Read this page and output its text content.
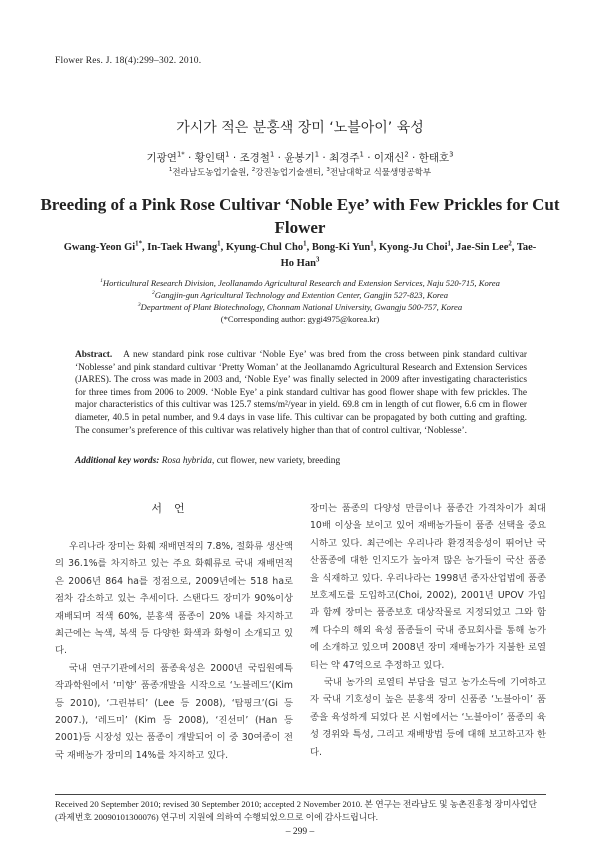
Flower Res. J. 18(4):299–302. 2010.
가시가 적은 분홍색 장미 ‘노블아이’ 육성
기광연$^{1*}$ · 황인택$^1$ · 조경철$^1$ · 윤봉기$^1$ · 최경주$^1$ · 이재신$^2$ · 한태호$^3$
$^1$전라남도농업기술원, $^2$강진농업기술센터, $^3$전남대학교 식물생명공학부
Breeding of a Pink Rose Cultivar ‘Noble Eye’ with Few Prickles for Cut Flower
Gwang-Yeon $Gi^{1*}$, In-Taek Hwang$^1$, Kyung-Chul Cho$^1$, Bong-Ki Yun$^1$, Kyong-Ju Choi$^1$, Jae-Sin Lee$^2$, Tae-Ho Han$^3$
$^1$Horticultural Research Division, Jeollanamdo Agricultural Research and Extension Services, Naju 520-715, Korea
$^2$Gangjin-gun Agricultural Technology and Extention Center, Gangjin 527-823, Korea
$^3$Department of Plant Biotechnology, Chonnam National University, Gwangju 500-757, Korea
(*Corresponding author: gygi4975@korea.kr)
Abstract. A new standard pink rose cultivar ‘Noble Eye’ was bred from the cross between pink standard cultivar ‘Noblesse’ and pink standard cultivar ‘Pretty Woman’ at the Jeollanamdo Agricultural Research and Extension Services (JARES). The cross was made in 2003 and, ‘Noble Eye’ was finally selected in 2009 after investigating characteristics for three times from 2006 to 2009. ‘Noble Eye’ a pink standard cultivar has good flower shape with few prickles. The major characteristics of this cultivar was 125.7 stems/m²/year in yield. 69.8 cm in length of cut flower, 6.6 cm in flower diameter, 40.5 in petal number, and 9.4 days in vase life. This cultivar can be propagated by both cutting and grafting. The consumer’s preference of this cultivar was relatively higher than that of control cultivar, ‘Noblesse’.
Additional key words: Rosa hybrida, cut flower, new variety, breeding
서언

우리나라 장미는 화훼 재배면적의 7.8%, 절화류 생산액의 36.1%를 차지하고 있는 주요 화훼류로 국내 재배면적은 2006년 864 ha를 정점으로, 2009년에는 518 ha로 점차 감소하고 있는 추세이다. 스탠다드 장미가 90%이상 재배되며 적색 60%, 분홍색 품종이 20% 내를 차지하고 최근에는 녹색, 복색 등 다양한 화색과 화형이 소개되고 있다.

국내 연구기관에서의 품종육성은 2000년 국립원예특작과학원에서 ‘미향’ 품종개발을 시작으로 ‘노블레드’(Kim 등 2010), ‘그린뷰티’ (Lee 등 2008), ‘탑핑크’(Gi 등 2007.), ‘레드미’ (Kim 등 2008), ‘진선미’ (Han 등 2001)등 시장성 있는 품종이 개발되어 이 중 30여종이 전국 재배농가 장미의 14%를 차지하고 있다.

장미는 품종의 다양성 만큼이나 품종간 가격차이가 최대 10배 이상을 보이고 있어 재배농가들이 품종 선택을 중요시하고 있다. 최근에는 우리나라 환경적응성이 뛰어난 국산품종에 대한 인지도가 높아져 많은 농가들이 국산 품종을 식재하고 있다. 우리나라는 1998년 종자산업법에 품종보호제도를 도입하고(Choi, 2002), 2001년 UPOV 가입과 함께 장미는 품종보호 대상작물로 지정되었고 그와 함께 다수의 해외 육성 품종들이 국내 종묘회사를 통해 농가에 소개하고 있으며 2008년 장미 재배농가가 지불한 로열티는 약 47억으로 추정하고 있다.

국내 농가의 로열티 부담을 덜고 농가소득에 기여하고자 국내 기호성이 높은 분홍색 장미 신품종 ‘노블아이’ 품종을 육성하게 되었다 본 시험에서는 ‘노블아이’ 품종의 육성 경위와 특성, 그리고 재배방법 등에 대해 보고하고자 한다.

Received 20 September 2010; revised 30 September 2010; accepted 2 November 2010. 본 연구는 전라남도 및 농촌진흥청 장미사업단 (과제번호 20090101300076) 연구비 지원에 의하여 수행되었으므로 이에 감사드립니다.
– 299 –
